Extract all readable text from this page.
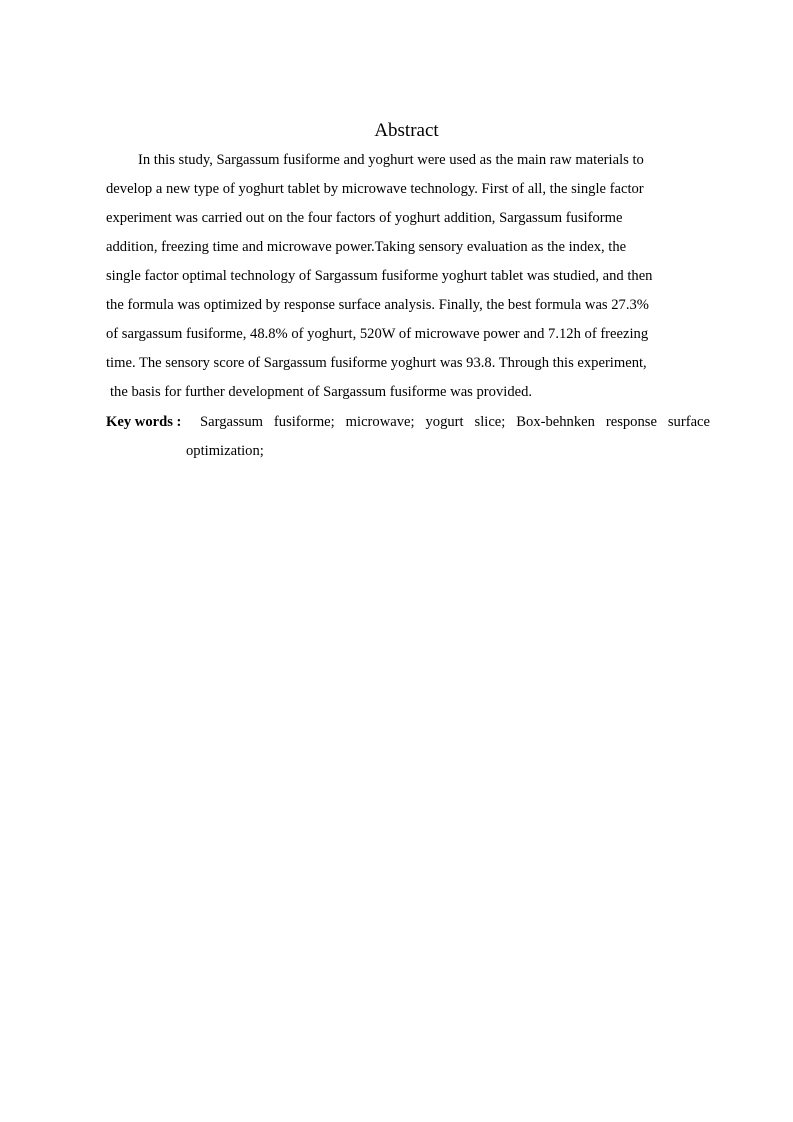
Abstract
In this study, Sargassum fusiforme and yoghurt were used as the main raw materials to
develop a new type of yoghurt tablet by microwave technology. First of all, the single factor
experiment was carried out on the four factors of yoghurt addition, Sargassum fusiforme
addition, freezing time and microwave power.Taking sensory evaluation as the index, the
single factor optimal technology of Sargassum fusiforme yoghurt tablet was studied, and then
the formula was optimized by response surface analysis. Finally, the best formula was 27.3%
of sargassum fusiforme, 48.8% of yoghurt, 520W of microwave power and 7.12h of freezing
time. The sensory score of Sargassum fusiforme yoghurt was 93.8. Through this experiment,
the basis for further development of Sargassum fusiforme was provided.
Key words : Sargassum fusiforme; microwave; yogurt slice; Box-behnken response surface
optimization;
